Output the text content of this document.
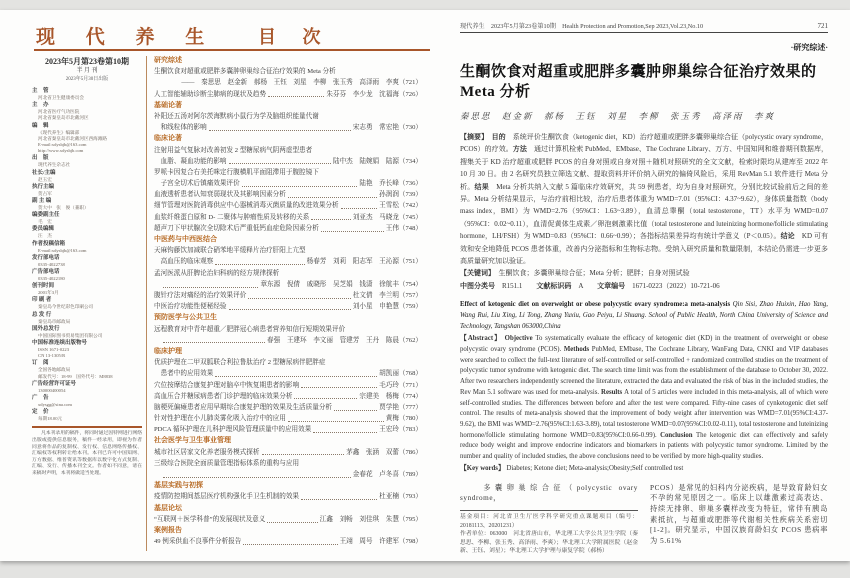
现 代 养 生 目 次
2023年5月第23卷第10期
半 月 刊
2023年5月30日出版
主　管
河北省卫生健康委员会
主　办
河北省医疗气功医院
河北省秦皇岛市北戴河区
编　辑
《现代养生》编辑部
河北省秦皇岛市北戴河区西海滩路
E-mail:xdysbjb@163.com
http://www.xdysbjb.com
出　版
现代养生杂志社
社长/主编
赵玉宏
执行主编
贺占军
副 主 编
贺大中　张　俊（兼职）
编委副主任
毛　宏
委员编辑
汪　杰
作者投稿信箱
E-mail:xdysbjb@163.com
发行部电话
0335-4022738
广告部电话
0335-4022180
创刊时间
2001年3月
印 刷 者
秦皇岛今世纪彩色印刷公司
总 发 行
秦皇岛市邮政局
国外总发行
中国国际图书贸易集团有限公司
中国标准连续出版物号
ISSN 1671-0223
CN 13-1305/R
订　阅
全国各地邮政局
邮发代号：18-99　国外代号：M8838
广告经营许可证号
130000400054
广　告
xdysgg@sina.com
定　价
每期18.00元
凡本刊录用的稿件，将同时通过因特网进行网络出版或提供信息服务，稿件一经录用，即视为作者同意将作品的复制权、发行权、信息网络传播权、汇编权等权利转让给本刊。本刊已许可中国知网、万方数据、维普资讯等数据库以数字化方式复制、汇编、发行、传播本刊全文。作者如不同意，请在来稿时声明，本刊将做适当处理。
研究综述
生酮饮食对超重或肥胖多囊肿卵巢综合征治疗效果的 Meta 分析
——　秦思思　赵金新　郝杨　王钰　刘星　李柳　张玉秀　高泽雨　李爽（721）
人工智能辅助诊断尘肺病的现状及趋势	朱芬芬　李少龙　沈福海（726）
基础论著
补阳还五汤对阿尔茨海默病小鼠行为学及脑组织能量代谢
　和线粒体的影响	宋志勇　常宏艳（730）
临床论著
注射用益气复脉对改善初发 2 型糖尿病气阴两虚型患者
　血脂、凝血功能的影响	陆中杰　陆婉娟　陆源（734）
罗哌卡因复合右美托咪定行腹横肌平面阻滞用于腹腔镜下
　子宫全切术后镇痛效果评价	陆艳　乔长峰（736）
血液透析患者认知衰弱现状及其影响因素分析	孙润润（739）
细节管理对医院消毒供应中心器械消毒灭菌质量的改进效果分析	王雪松（742）
血浆纤维蛋白原和 D- 二聚体与肿瘤性质及转移的关系	刘亚杰　马晓龙（745）
超声刀下甲状腺次全切除术后严重低钙血症危险因素分析	王伟（748）
中医药与中西医结合
天麻钩藤饮加减联合硝苯地平缓释片治疗肝阳上亢型
　高血压的临床观察	杨春芳　刘莉　阳志军　王沁源（751）
孟河医派从肝脾论治妇科病的经方规律探析

章东源　倪倩　戚晓彤　吴芝娟　钱潇　徐航丰（754）
腹针疗法对痛经的治疗效果评价	杜文倩　李兰明（757）
中医治疗功能性便秘经验	刘小星　申艳慧（759）
预防医学与公共卫生
远程教育对中青年超重／肥胖冠心病患者营养知信行短期效果评价

春强　王建环　李文丽　管建芳　王丹　陈晨（762）
临床护理
优质护理在二甲双胍联合利拉鲁肽治疗 2 型糖尿病伴肥胖症
　患者中的应用效果	胡凯丽（768）
穴位按摩结合康复护理对脑卒中恢复期患者的影响	毛巧玲（771）
高血压合并糖尿病患者门诊护理的临床效果分析	宗建美　杨梅（774）
脑梗死偏瘫患者应用早期综合康复护理的效果及生活质量分析	贾学艳（777）
针对性护理在小儿肺炎雾化吸入治疗中的应用	黄梅（780）
PDCA 循环护理在儿科护理风险管理质量中的应用效果	王宏玲（783）
社会医学与卫生事业管理
城市社区居家文化养老服务模式探析	茅鑫　张涵　双蕾（786）
三级综合医院全面质量管理指标体系的重构与应用

金春花　卢冬喜（789）
基层实践与初探
疫情防控期间基层医疗机构强化手卫生机制的效果	杜亚楠（793）
基层论坛
“互联网＋医学科普”的发展现状及意义	江鑫　刘畅　刘佳琪　朱慧（795）
案例报告
49 例采供血不良事件分析报告	王翊　周号　许建军（798）
现代养生　2023年5月第23卷第10期　Health Protection and Promotion,Sep 2023,Vol.23,No.10	721
·研究综述·
生酮饮食对超重或肥胖多囊肿卵巢综合征治疗效果的 Meta 分析
秦思思　赵金新　郝杨　王钰　刘星　李柳　张玉秀　高泽雨　李爽

【摘要】　目的　系统评价生酮饮食（ketogenic diet，KD）治疗超重或肥胖多囊卵巢综合征（polycystic ovary syndrome，PCOS）的疗效。方法　通过计算机检索 PubMed、EMbase、The Cochrane Library、万方、中国知网和维普期刊数据库，搜集关于 KD 治疗超重或肥胖 PCOS 的自身对照或自身对照＋随机对照研究的全文文献，检索时限均从建库至 2022 年 10 月 30 日。由 2 名研究员独立筛选文献、提取资料并评价纳入研究的偏倚风险后，采用 RevMan 5.1 软件进行 Meta 分析。结果　Meta 分析共纳入文献 5 篇临床疗效研究，共 59 例患者，均为自身对照研究，分别比较试验前后之间的差异。Meta 分析结果显示，与治疗前相比较，治疗后患者体重为 WMD=7.01（95%CI：4.37~9.62），身体质量指数（body mass index，BMI）为 WMD=2.76（95%CI：1.63~3.89），血清总睾酮（total testosterone，TT）水平为 WMD=0.07（95%CI：0.02~0.11），血清促黄体生成素／卵泡刺激素比值（total testosterone and luteinizing hormone/follicle stimulating hormone，LH/FSH）为 WMD=0.83（95%CI：0.66~0.99）；各指标结果差异均有统计学意义（P＜0.05）。结论　KD 可有效和安全地降低 PCOS 患者体重，改善内分泌指标和生物标志物。受纳入研究质量和数量限制，本结论仍需进一步更多高质量研究加以验证。

【关键词】　生酮饮食；多囊卵巢综合征；Meta 分析；肥胖；自身对照试验

中图分类号　R151.1　　文献标识码　A　　文章编号　1671-0223（2022）10-721-06

Effect of ketogenic diet on overweight or obese polycystic ovary syndrome:a meta-analysis Qin Sisi, Zhao Huixin, Hao Yang, Wang Rui, Liu Xing, Li Tong, Zhang Yuxiu, Gao Peiyu, Li Shuang. School of Public Health, North China University of Science and Technology, Tangshan 063000,China

【Abstract】 Objective To systematically evaluate the efficacy of ketogenic diet (KD) in the treatment of overweight or obese polycystic ovary syndrome (PCOS). Methods PubMed, EMbase, The Cochrane Library, WanFang Data, CNKI and VIP databases were searched to collect the full-text literature of self-controlled or self-controlled + randomized controlled studies on the treatment of polycystic tumor syndrome with ketogenic diet. The search time limit was from the establishment of the database to October 30, 2022. After two researchers independently screened the literature, extracted the data and evaluated the risk of bias in the included studies, the Rev Man 5.1 software was used for meta-analysis. Results A total of 5 articles were included in this meta-analysis, all of which were self-controlled studies. The differences between before and after the test were compared. Fifty-nine cases of cynketogenic diet self control. The results of meta-analysis showed that the improvement of body weight after intervention was WMD=7.01(95%CI:4.37-9.62), the BMI was WMD=2.76(95%CI:1.63-3.89), total testosterone WMD=0.07(95%CI:0.02-0.11), total testosterone and luteinizing hormone/follicle stimulating hormone WMD=0.83(95%CI:0.66-0.99). Conclusion The ketogenic diet can effectively and safely reduce body weight and improve endocrine indicators and biomarkers in patients with polycystic tumor syndrome. Limited by the number and quality of included studies, the above conclusions need to be verified by more high-quality studies.

【Key words】 Diabetes; Ketone diet; Meta-analysis;Obesity;Self controlled test

　　多囊卵巢综合征（polycystic ovary syndrome，

基金项目：河北省卫生厅医学科学研究重点课题项目（编号：20181113、20201231）

作者单位：063000　河北省唐山市，华北理工大学公共卫生学院（秦思思、李柳、张玉秀、高泽雨、李爽）；华北理工大学附属医院（赵金新、王钰、刘星）；华北理工大学护理与康复学院（郝杨）

PCOS）是常见的妇科内分泌疾病，是导致育龄妇女不孕的常见原因之一。临床上以雄激素过高表达、持续无排卵、卵巢多囊样改变为特征，常伴有胰岛素抵抗，与超重或肥胖等代谢相关性疾病关系密切[1-2]。研究显示，中国汉族育龄妇女 PCOS 患病率为 5.61%
